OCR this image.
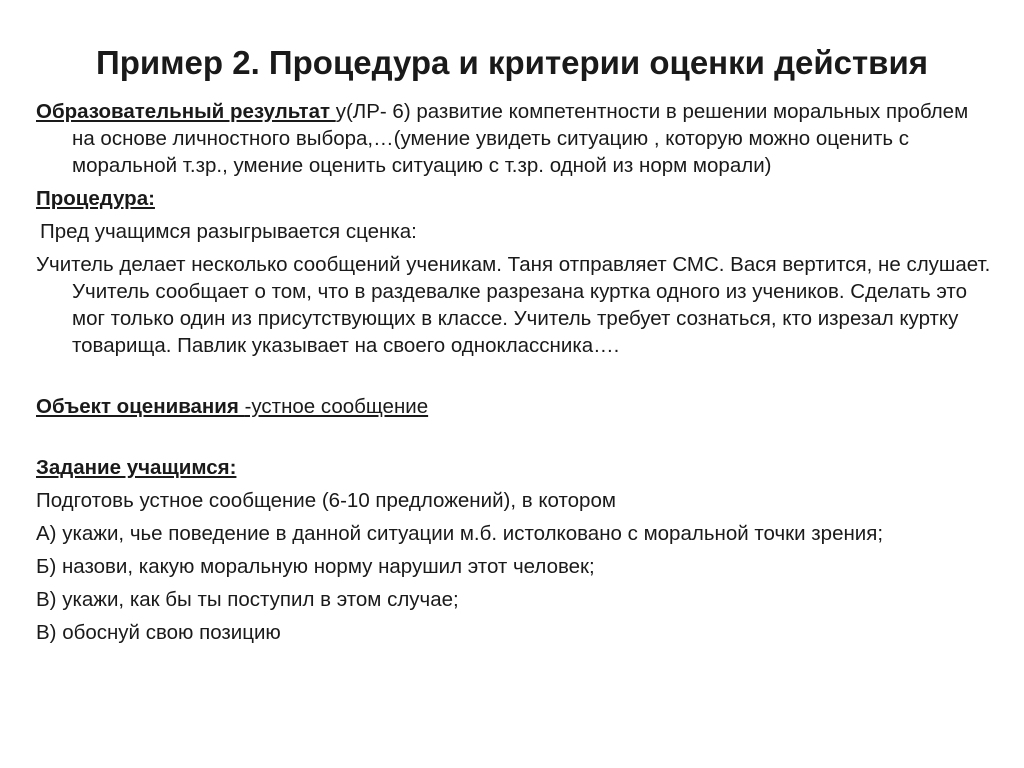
Пример 2. Процедура и критерии оценки действия

Образовательный результат у(ЛР- 6) развитие компетентности в решении моральных проблем на основе личностного выбора,…(умение увидеть ситуацию , которую можно оценить с моральной т.зр., умение оценить ситуацию с т.зр. одной из норм морали)

Процедура:

Пред учащимся разыгрывается сценка:

Учитель делает несколько сообщений ученикам. Таня отправляет СМС. Вася вертится, не слушает. Учитель сообщает о том, что в раздевалке разрезана куртка одного из учеников. Сделать это мог только один из присутствующих в классе. Учитель требует сознаться, кто изрезал куртку товарища. Павлик указывает на своего одноклассника….

Объект оценивания -устное сообщение

Задание учащимся:

Подготовь устное сообщение (6-10 предложений), в котором

А) укажи, чье поведение в данной ситуации м.б. истолковано с моральной точки зрения;

Б) назови, какую моральную норму нарушил этот человек;

В) укажи, как бы ты поступил в этом случае;

В) обоснуй свою позицию
